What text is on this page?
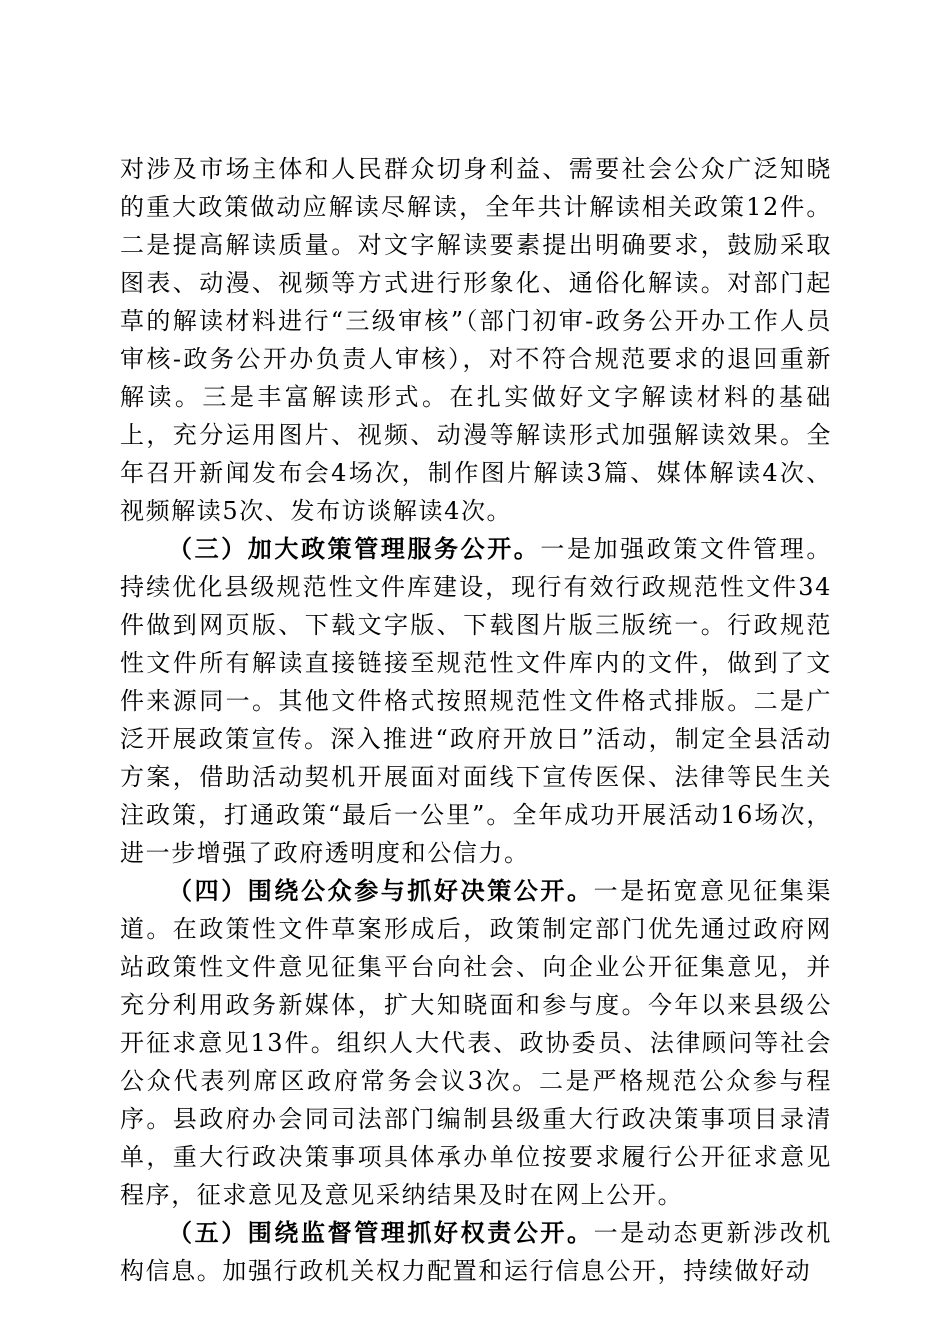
对涉及市场主体和人民群众切身利益、需要社会公众广泛知晓的重大政策做动应解读尽解读，全年共计解读相关政策12件。二是提高解读质量。对文字解读要素提出明确要求，鼓励采取图表、动漫、视频等方式进行形象化、通俗化解读。对部门起草的解读材料进行“三级审核”（部门初审-政务公开办工作人员审核-政务公开办负责人审核），对不符合规范要求的退回重新解读。三是丰富解读形式。在扎实做好文字解读材料的基础上，充分运用图片、视频、动漫等解读形式加强解读效果。全年召开新闻发布会4场次，制作图片解读3篇、媒体解读4次、视频解读5次、发布访谈解读4次。

（三）加大政策管理服务公开。一是加强政策文件管理。持续优化县级规范性文件库建设，现行有效行政规范性文件34件做到网页版、下载文字版、下载图片版三版统一。行政规范性文件所有解读直接链接至规范性文件库内的文件，做到了文件来源同一。其他文件格式按照规范性文件格式排版。二是广泛开展政策宣传。深入推进“政府开放日”活动，制定全县活动方案，借助活动契机开展面对面线下宣传医保、法律等民生关注政策，打通政策“最后一公里”。全年成功开展活动16场次，进一步增强了政府透明度和公信力。

（四）围绕公众参与抓好决策公开。一是拓宽意见征集渠道。在政策性文件草案形成后，政策制定部门优先通过政府网站政策性文件意见征集平台向社会、向企业公开征集意见，并充分利用政务新媒体，扩大知晓面和参与度。今年以来县级公开征求意见13件。组织人大代表、政协委员、法律顾问等社会公众代表列席区政府常务会议3次。二是严格规范公众参与程序。县政府办会同司法部门编制县级重大行政决策事项目录清单，重大行政决策事项具体承办单位按要求履行公开征求意见程序，征求意见及意见采纳结果及时在网上公开。

（五）围绕监督管理抓好权责公开。一是动态更新涉改机构信息。加强行政机关权力配置和运行信息公开，持续做好动
